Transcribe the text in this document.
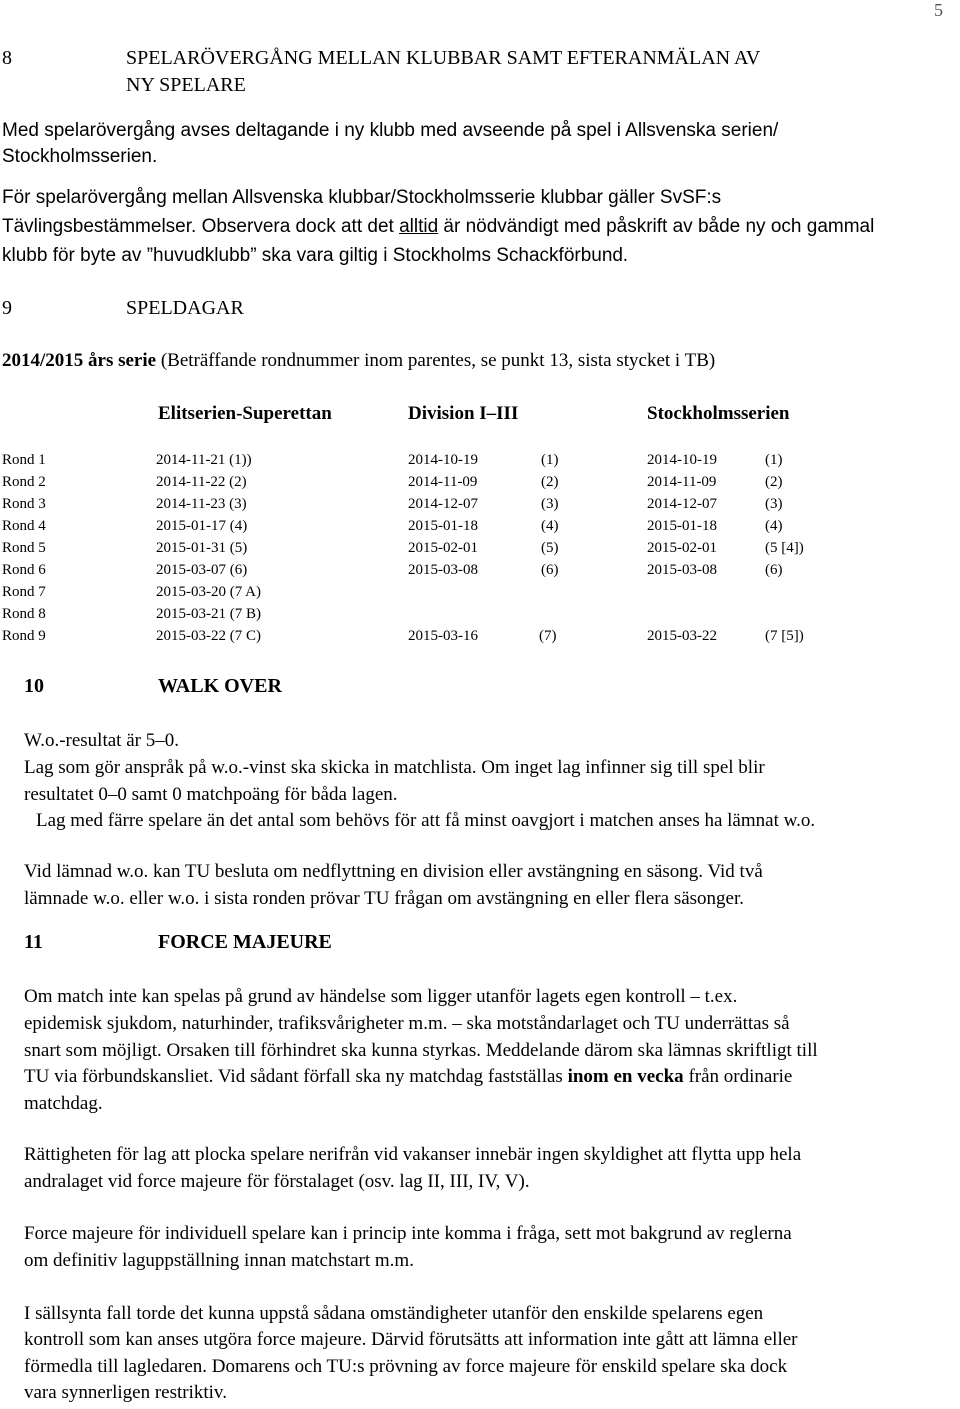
5
8	SPELARÖVERGÅNG MELLAN KLUBBAR SAMT EFTERANMÄLAN AV
NY SPELARE
Med spelarövergång avses deltagande i ny klubb med avseende på spel i Allsvenska serien/
Stockholmsserien.
För spelarövergång mellan Allsvenska klubbar/Stockholmsserie klubbar gäller SvSF:s
Tävlingsbestämmelser. Observera dock att det alltid är nödvändigt med påskrift av både ny och gammal
klubb för byte av ”huvudklubb” ska vara giltig i Stockholms Schackförbund.
9	SPELDAGAR
2014/2015 års serie (Beträffande rondnummer inom parentes, se punkt 13, sista stycket i TB)
Elitserien-Superettan	Division I–III	Stockholmsserien
Rond 1	2014-11-21 (1))	2014-10-19	(1)	2014-10-19	(1)
Rond 2	2014-11-22 (2)	2014-11-09	(2)	2014-11-09	(2)
Rond 3	2014-11-23 (3)	2014-12-07	(3)	2014-12-07	(3)
Rond 4	2015-01-17 (4)	2015-01-18	(4)	2015-01-18	(4)
Rond 5	2015-01-31 (5)	2015-02-01	(5)	2015-02-01	(5 [4])
Rond 6	2015-03-07 (6)	2015-03-08	(6)	2015-03-08	(6)
Rond 7	2015-03-20 (7 A)
Rond 8	2015-03-21 (7 B)
Rond 9	2015-03-22 (7 C)	2015-03-16	(7)	2015-03-22	(7 [5])
10	WALK OVER
W.o.-resultat är 5–0.
Lag som gör anspråk på w.o.-vinst ska skicka in matchlista. Om inget lag infinner sig till spel blir
resultatet 0–0 samt 0 matchpoäng för båda lagen.
Lag med färre spelare än det antal som behövs för att få minst oavgjort i matchen anses ha lämnat w.o.
Vid lämnad w.o. kan TU besluta om nedflyttning en division eller avstängning en säsong. Vid två
lämnade w.o. eller w.o. i sista ronden prövar TU frågan om avstängning en eller flera säsonger.
11	FORCE MAJEURE
Om match inte kan spelas på grund av händelse som ligger utanför lagets egen kontroll – t.ex.
epidemisk sjukdom, naturhinder, trafiksvårigheter m.m. – ska motståndarlaget och TU underrättas så
snart som möjligt. Orsaken till förhindret ska kunna styrkas. Meddelande därom ska lämnas skriftligt till
TU via förbundskansliet. Vid sådant förfall ska ny matchdag fastställas inom en vecka från ordinarie
matchdag.
Rättigheten för lag att plocka spelare nerifrån vid vakanser innebär ingen skyldighet att flytta upp hela
andralaget vid force majeure för förstalaget (osv. lag II, III, IV, V).
Force majeure för individuell spelare kan i princip inte komma i fråga, sett mot bakgrund av reglerna
om definitiv laguppställning innan matchstart m.m.
I sällsynta fall torde det kunna uppstå sådana omständigheter utanför den enskilde spelarens egen
kontroll som kan anses utgöra force majeure. Därvid förutsätts att information inte gått att lämna eller
förmedla till lagledaren. Domarens och TU:s prövning av force majeure för enskild spelare ska dock
vara synnerligen restriktiv.
